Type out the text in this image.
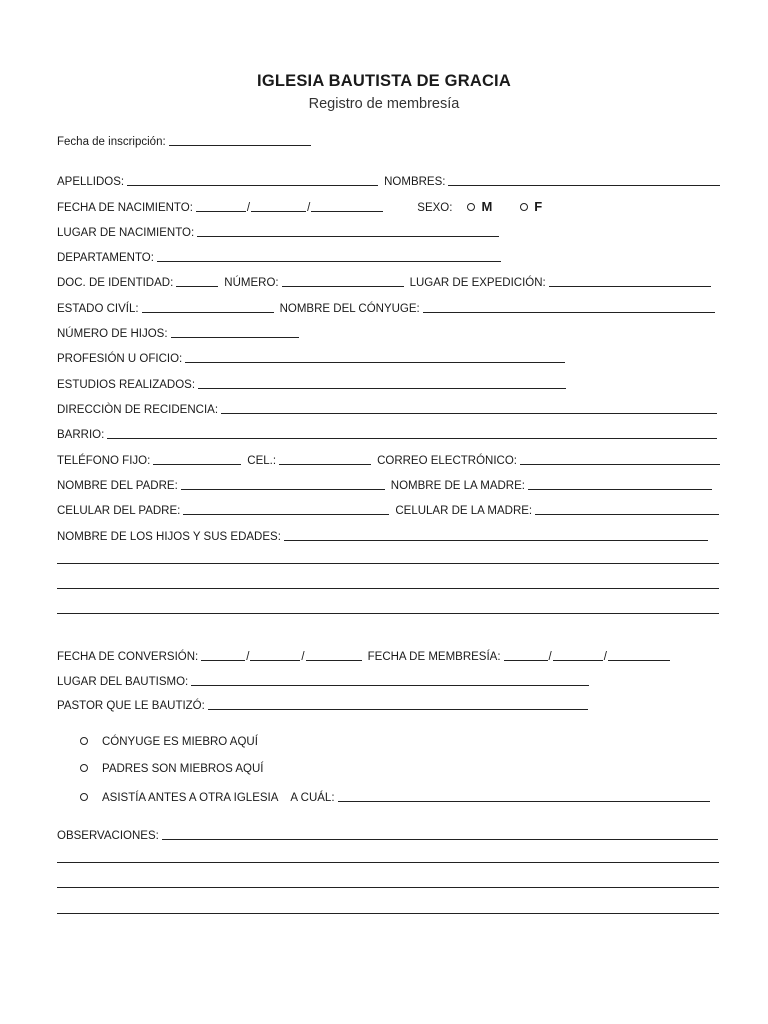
IGLESIA BAUTISTA DE GRACIA
Registro de membresía
Fecha de inscripción:
APELLIDOS:	NOMBRES:
FECHA DE NACIMIENTO:	/	/	SEXO: M	F
LUGAR DE NACIMIENTO:
DEPARTAMENTO:
DOC. DE IDENTIDAD:	NÚMERO:	LUGAR DE EXPEDICIÓN:
ESTADO CIVÍL:	NOMBRE DEL CÓNYUGE:
NÚMERO DE HIJOS:
PROFESIÓN U OFICIO:
ESTUDIOS REALIZADOS:
DIRECCIÒN DE RECIDENCIA:
BARRIO:
TELÉFONO FIJO:	CEL.:	CORREO ELECTRÓNICO:
NOMBRE DEL PADRE:	NOMBRE DE LA MADRE:
CELULAR DEL PADRE:	CELULAR DE LA MADRE:
NOMBRE DE LOS HIJOS Y SUS EDADES:
FECHA DE CONVERSIÓN:	/	/	FECHA DE MEMBRESÍA:	/	/
LUGAR DEL BAUTISMO:
PASTOR QUE LE BAUTIZÓ:
CÓNYUGE ES MIEBRO AQUÍ
PADRES SON MIEBROS AQUÍ
ASISTÍA ANTES A OTRA IGLESIA A CUÁL:
OBSERVACIONES:
